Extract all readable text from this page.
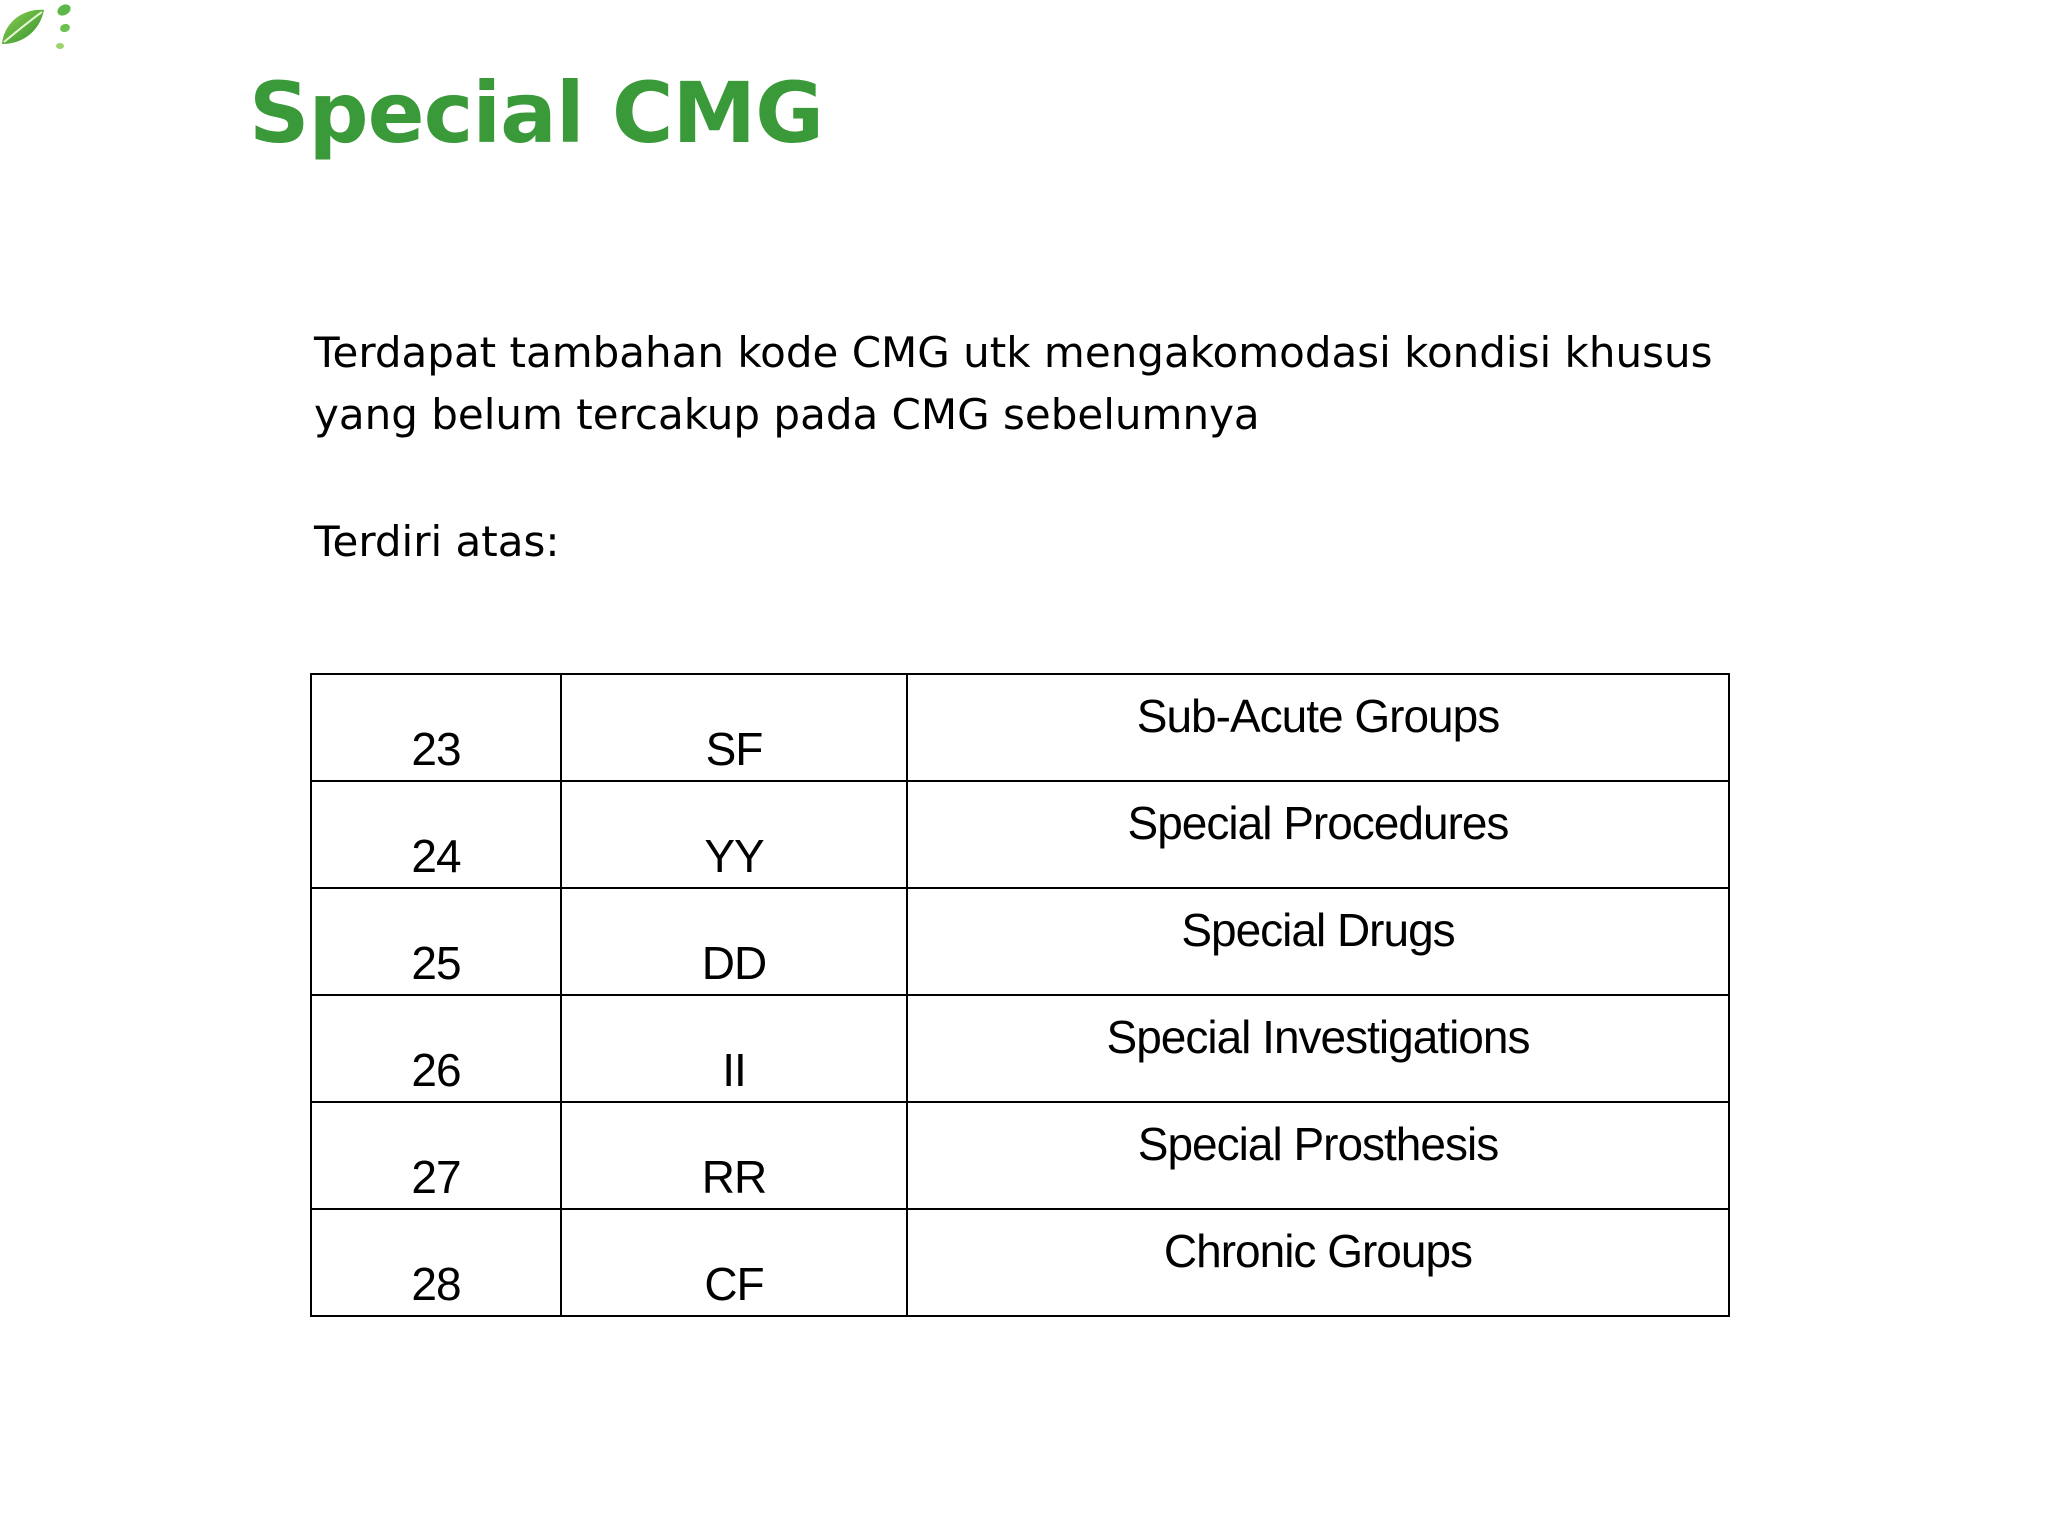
Special CMG

Terdapat tambahan kode CMG utk mengakomodasi kondisi khusus

yang belum tercakup pada CMG sebelumnya

Terdiri atas:

23	SF	Sub-Acute Groups
24	YY	Special Procedures
25	DD	Special Drugs
26	II	Special Investigations
27	RR	Special Prosthesis
28	CF	Chronic Groups
